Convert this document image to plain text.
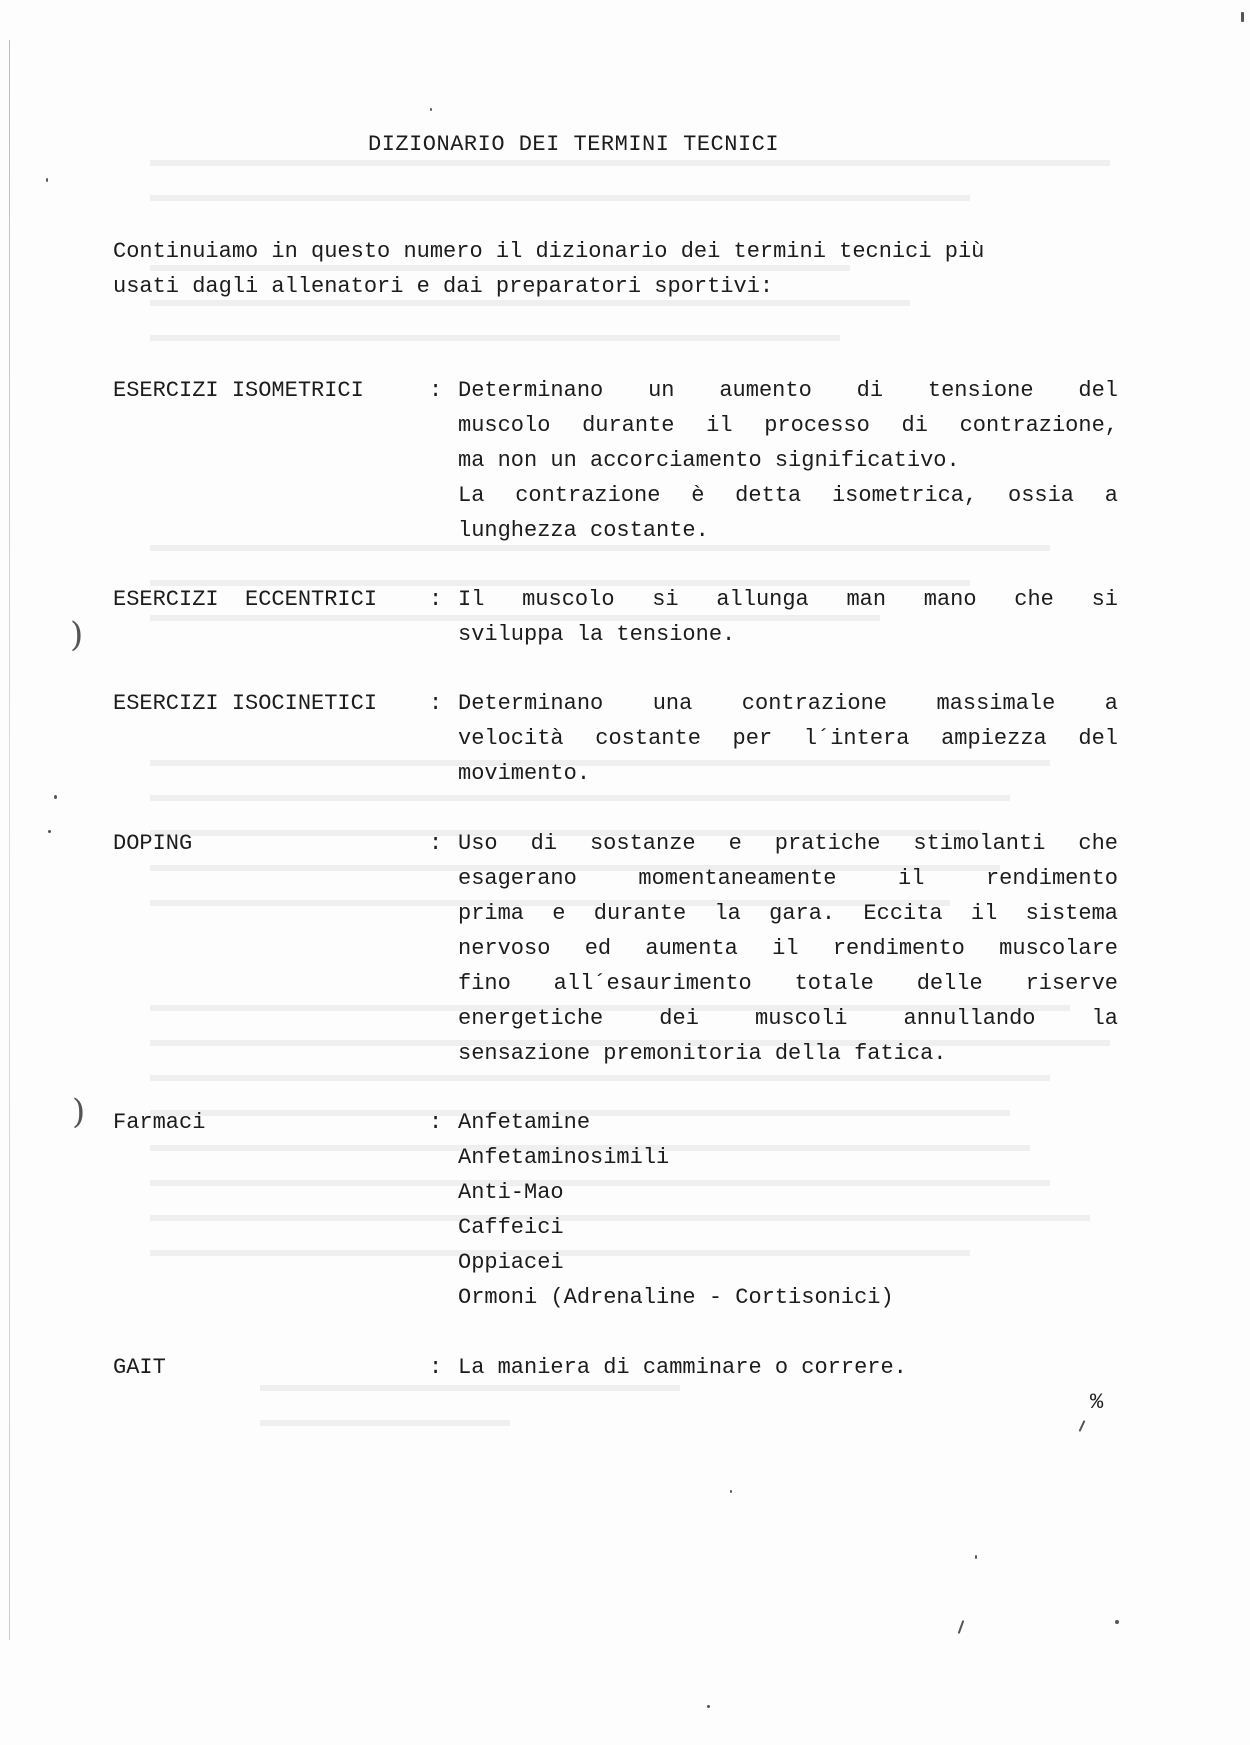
DIZIONARIO DEI TERMINI TECNICI
Continuiamo in questo numero il dizionario dei termini tecnici più
usati dagli allenatori e dai preparatori sportivi:
ESERCIZI ISOMETRICI	: Determinano un aumento di tensione del
muscolo durante il processo di contrazione,
ma non un accorciamento significativo.
La contrazione è detta isometrica, ossia a
lunghezza costante.
ESERCIZI  ECCENTRICI : Il muscolo si allunga man mano che si
sviluppa la tensione.
ESERCIZI ISOCINETICI : Determinano una contrazione massimale a
velocità costante per l´intera ampiezza del
movimento.
DOPING	: Uso di sostanze e pratiche stimolanti che
esagerano momentaneamente il rendimento
prima e durante la gara. Eccita il sistema
nervoso ed aumenta il rendimento muscolare
fino all´esaurimento totale delle riserve
energetiche dei muscoli annullando la
sensazione premonitoria della fatica.
Farmaci	: Anfetamine
Anfetaminosimili
Anti-Mao
Caffeici
Oppiacei
Ormoni (Adrenaline - Cortisonici)
GAIT	: La maniera di camminare o correre.
%
)
)
